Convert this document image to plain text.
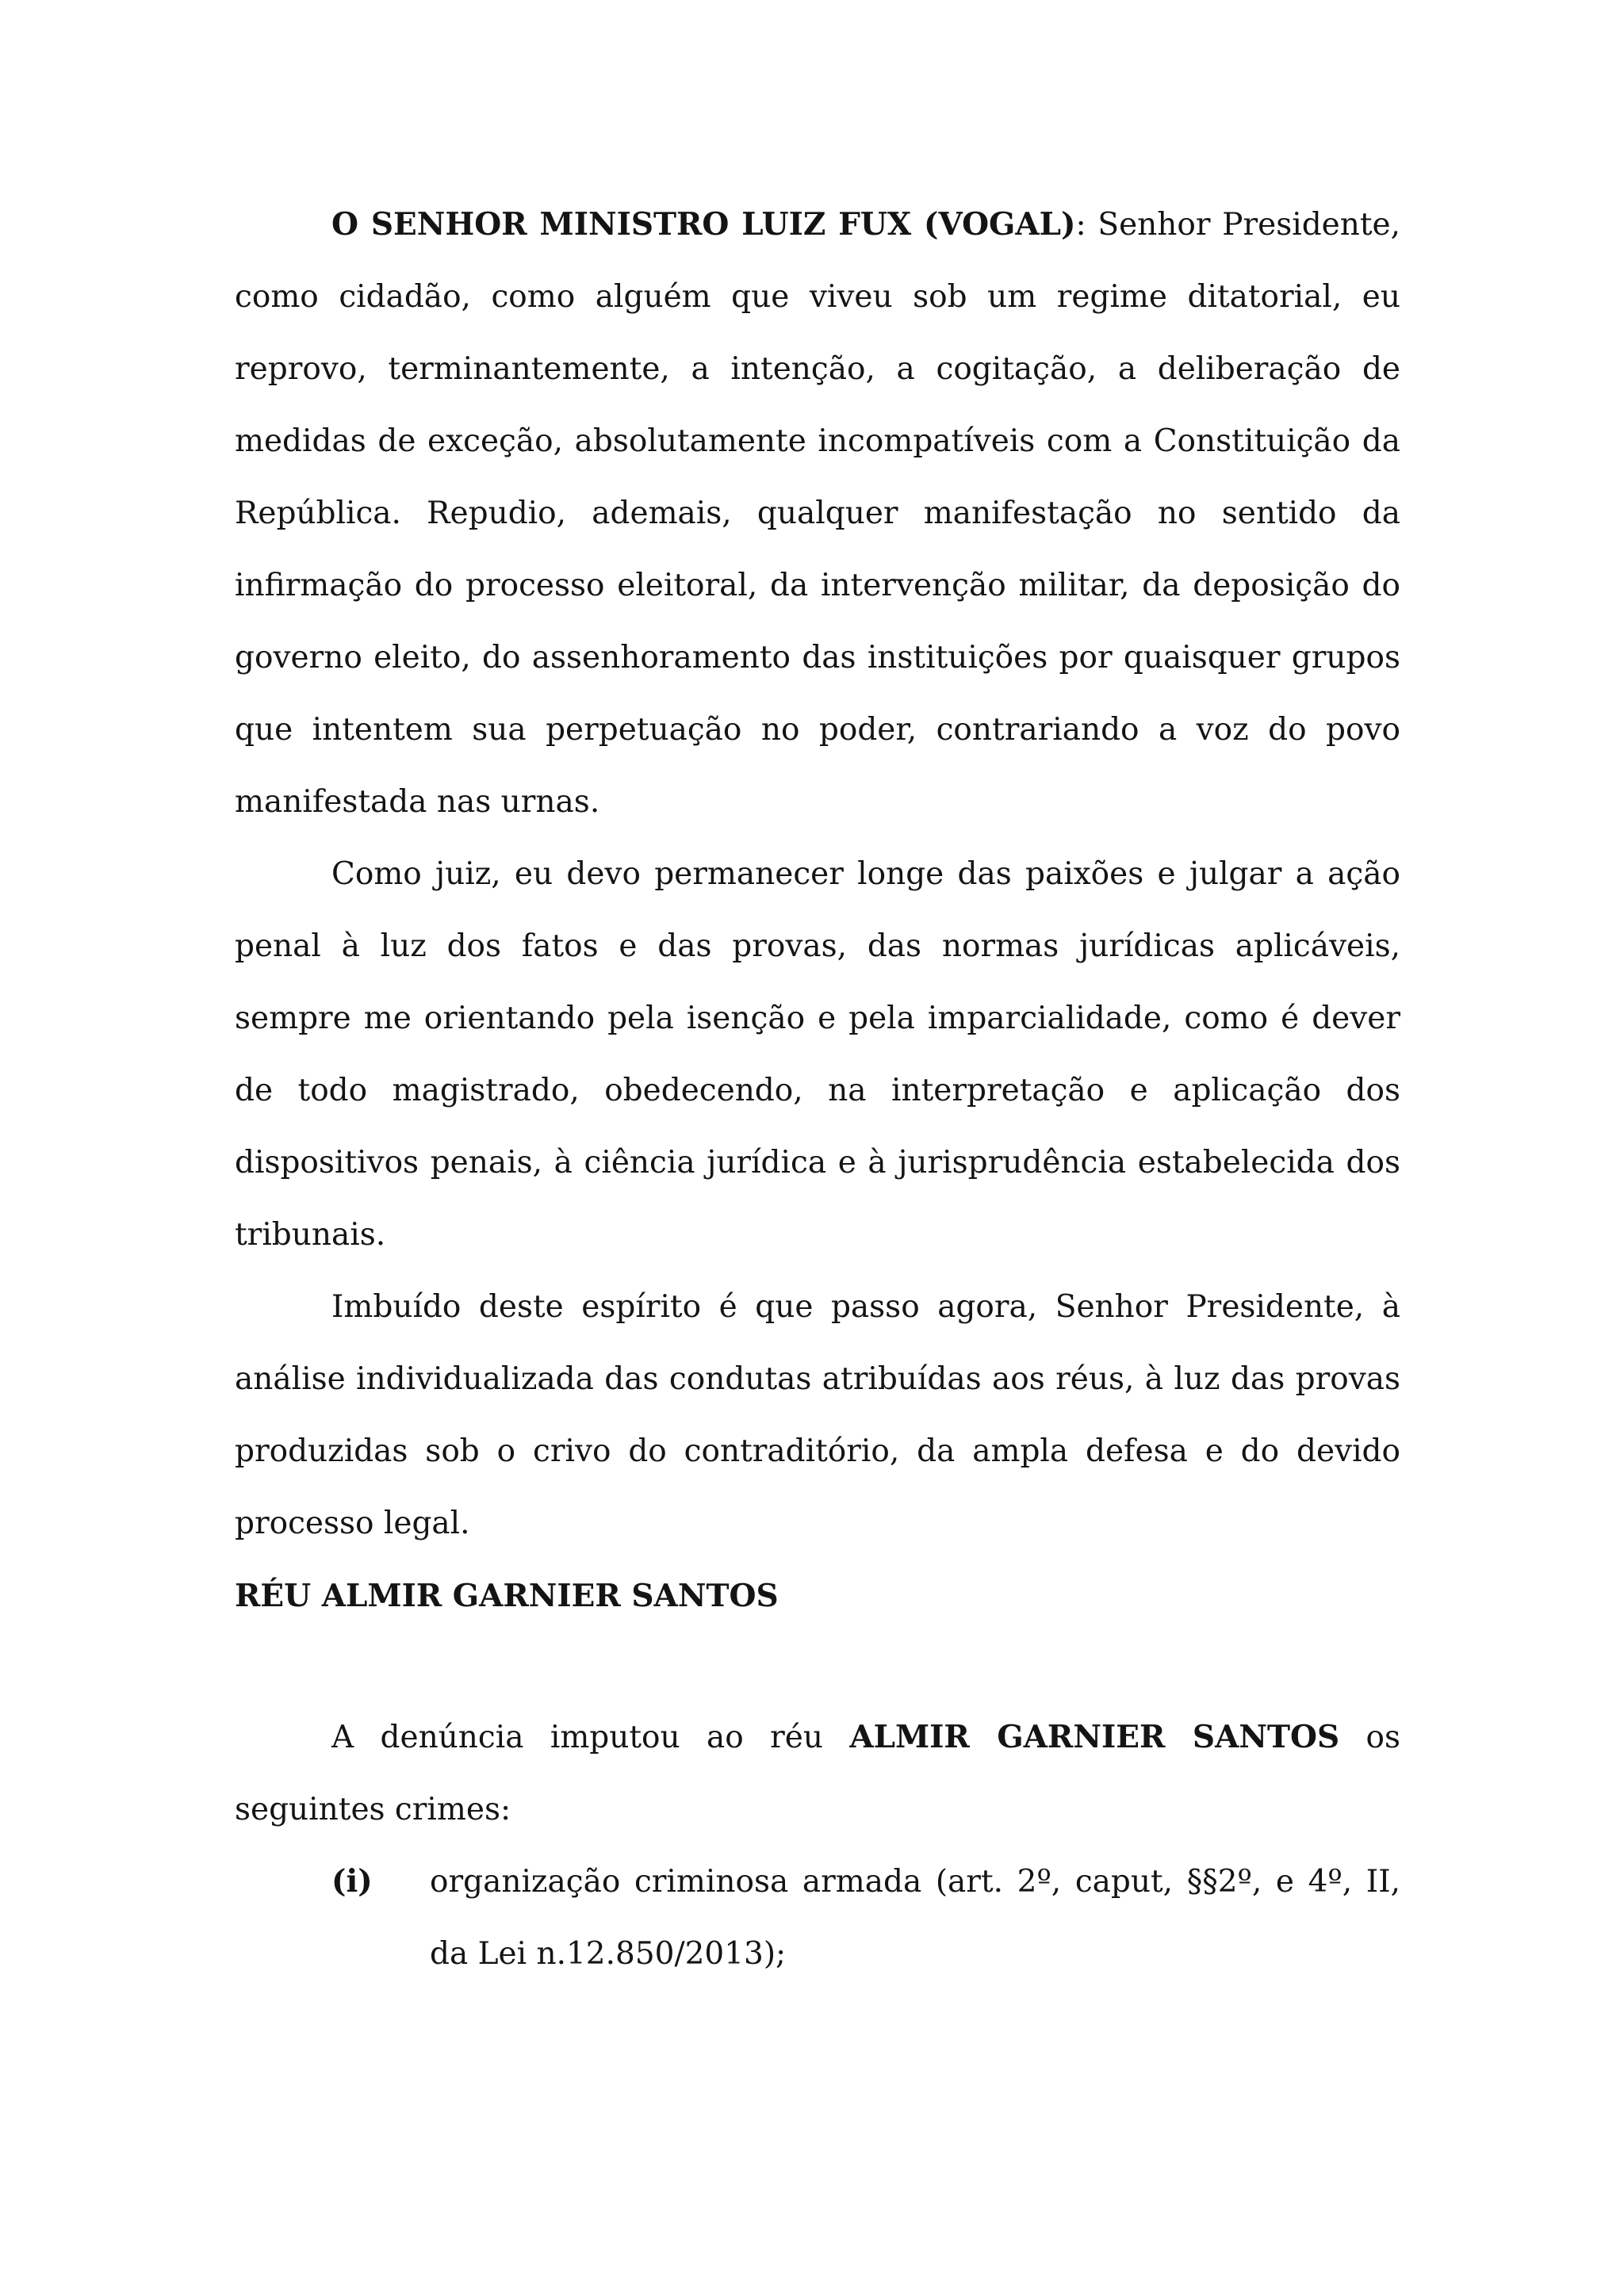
O SENHOR MINISTRO LUIZ FUX (VOGAL): Senhor Presidente, como cidadão, como alguém que viveu sob um regime ditatorial, eu reprovo, terminantemente, a intenção, a cogitação, a deliberação de medidas de exceção, absolutamente incompatíveis com a Constituição da República. Repudio, ademais, qualquer manifestação no sentido da infirmação do processo eleitoral, da intervenção militar, da deposição do governo eleito, do assenhoramento das instituições por quaisquer grupos que intentem sua perpetuação no poder, contrariando a voz do povo manifestada nas urnas.

Como juiz, eu devo permanecer longe das paixões e julgar a ação penal à luz dos fatos e das provas, das normas jurídicas aplicáveis, sempre me orientando pela isenção e pela imparcialidade, como é dever de todo magistrado, obedecendo, na interpretação e aplicação dos dispositivos penais, à ciência jurídica e à jurisprudência estabelecida dos tribunais.

Imbuído deste espírito é que passo agora, Senhor Presidente, à análise individualizada das condutas atribuídas aos réus, à luz das provas produzidas sob o crivo do contraditório, da ampla defesa e do devido processo legal.

RÉU ALMIR GARNIER SANTOS

A denúncia imputou ao réu ALMIR GARNIER SANTOS os seguintes crimes:

(i)	organização criminosa armada (art. 2º, caput, §§2º, e 4º, II, da Lei n.12.850/2013);
